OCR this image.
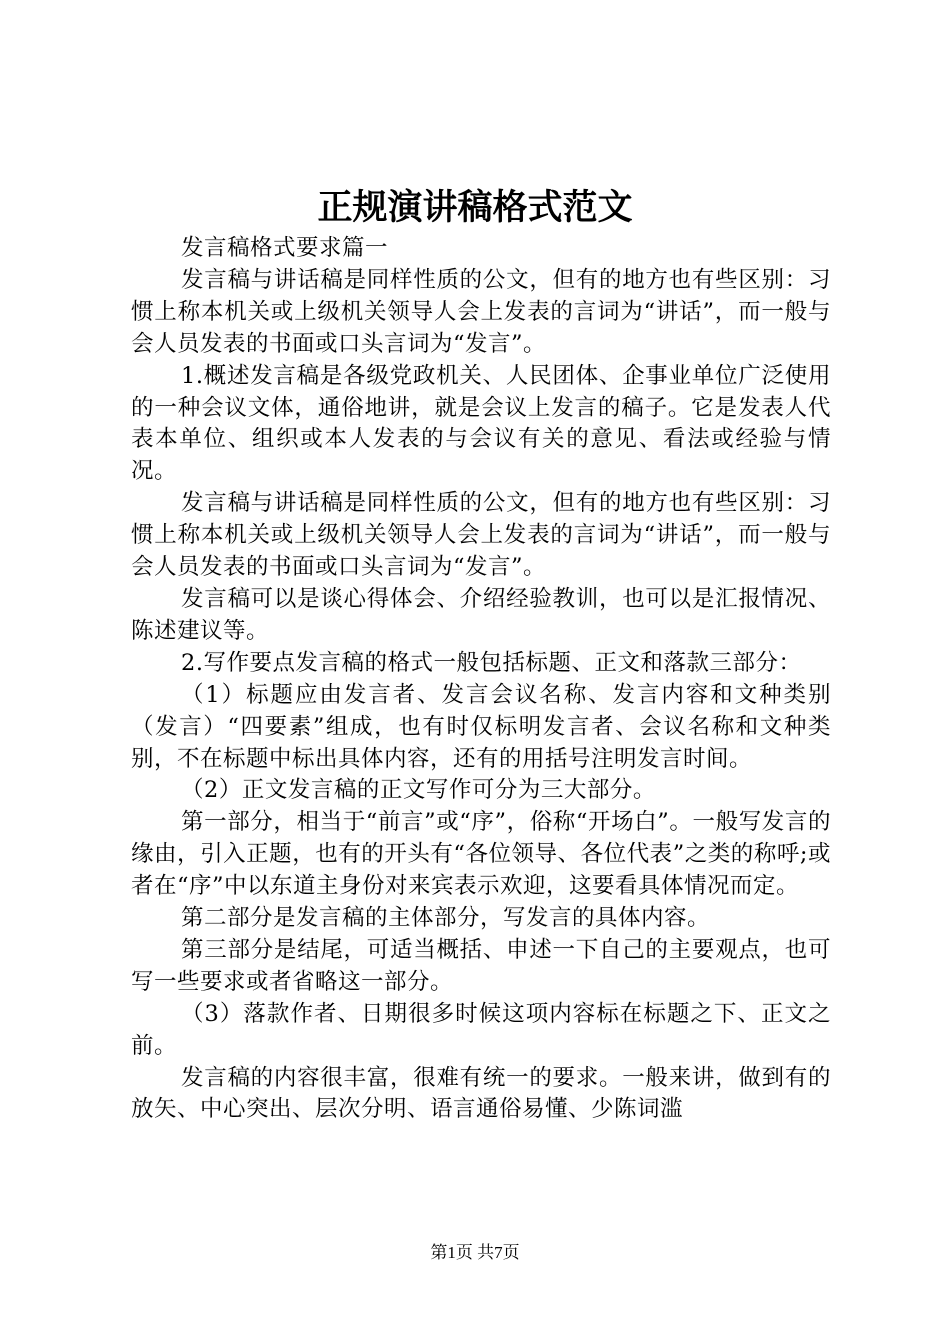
正规演讲稿格式范文

发言稿格式要求篇一

发言稿与讲话稿是同样性质的公文，但有的地方也有些区别：习惯上称本机关或上级机关领导人会上发表的言词为“讲话”，而一般与会人员发表的书面或口头言词为“发言”。

1.概述发言稿是各级党政机关、人民团体、企事业单位广泛使用的一种会议文体，通俗地讲，就是会议上发言的稿子。它是发表人代表本单位、组织或本人发表的与会议有关的意见、看法或经验与情况。

发言稿与讲话稿是同样性质的公文，但有的地方也有些区别：习惯上称本机关或上级机关领导人会上发表的言词为“讲话”，而一般与会人员发表的书面或口头言词为“发言”。

发言稿可以是谈心得体会、介绍经验教训，也可以是汇报情况、陈述建议等。

2.写作要点发言稿的格式一般包括标题、正文和落款三部分：

（1）标题应由发言者、发言会议名称、发言内容和文种类别（发言）“四要素”组成，也有时仅标明发言者、会议名称和文种类别，不在标题中标出具体内容，还有的用括号注明发言时间。

（2）正文发言稿的正文写作可分为三大部分。

第一部分，相当于“前言”或“序”，俗称“开场白”。一般写发言的缘由，引入正题，也有的开头有“各位领导、各位代表”之类的称呼;或者在“序”中以东道主身份对来宾表示欢迎，这要看具体情况而定。

第二部分是发言稿的主体部分，写发言的具体内容。

第三部分是结尾，可适当概括、申述一下自己的主要观点，也可写一些要求或者省略这一部分。

（3）落款作者、日期很多时候这项内容标在标题之下、正文之前。

发言稿的内容很丰富，很难有统一的要求。一般来讲，做到有的放矢、中心突出、层次分明、语言通俗易懂、少陈词滥

第1页 共7页
